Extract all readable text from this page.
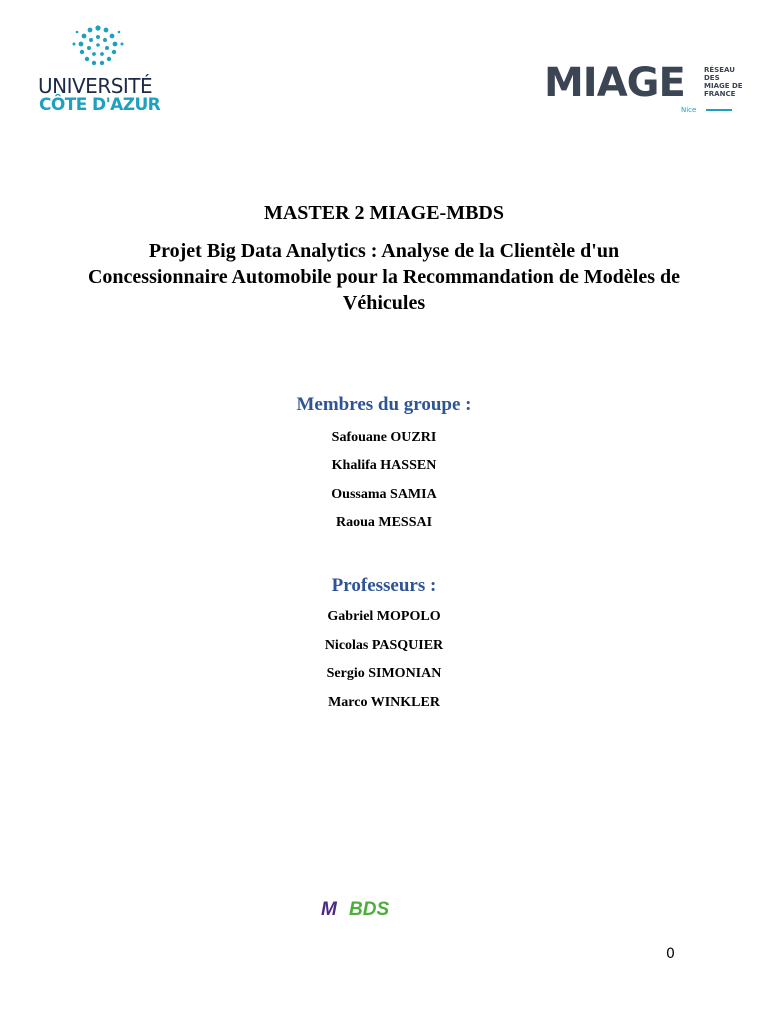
UNIVERSITÉ
CÔTE D'AZUR	MIAGE	RÉSEAU DES MIAGE DE FRANCE
Nice
MASTER 2 MIAGE-MBDS
Projet Big Data Analytics : Analyse de la Clientèle d'un Concessionnaire Automobile pour la Recommandation de Modèles de Véhicules
Membres du groupe :
Safouane OUZRI
Khalifa HASSEN
Oussama SAMIA
Raoua MESSAI
Professeurs :
Gabriel MOPOLO
Nicolas PASQUIER
Sergio SIMONIAN
Marco WINKLER
M BDS
0
